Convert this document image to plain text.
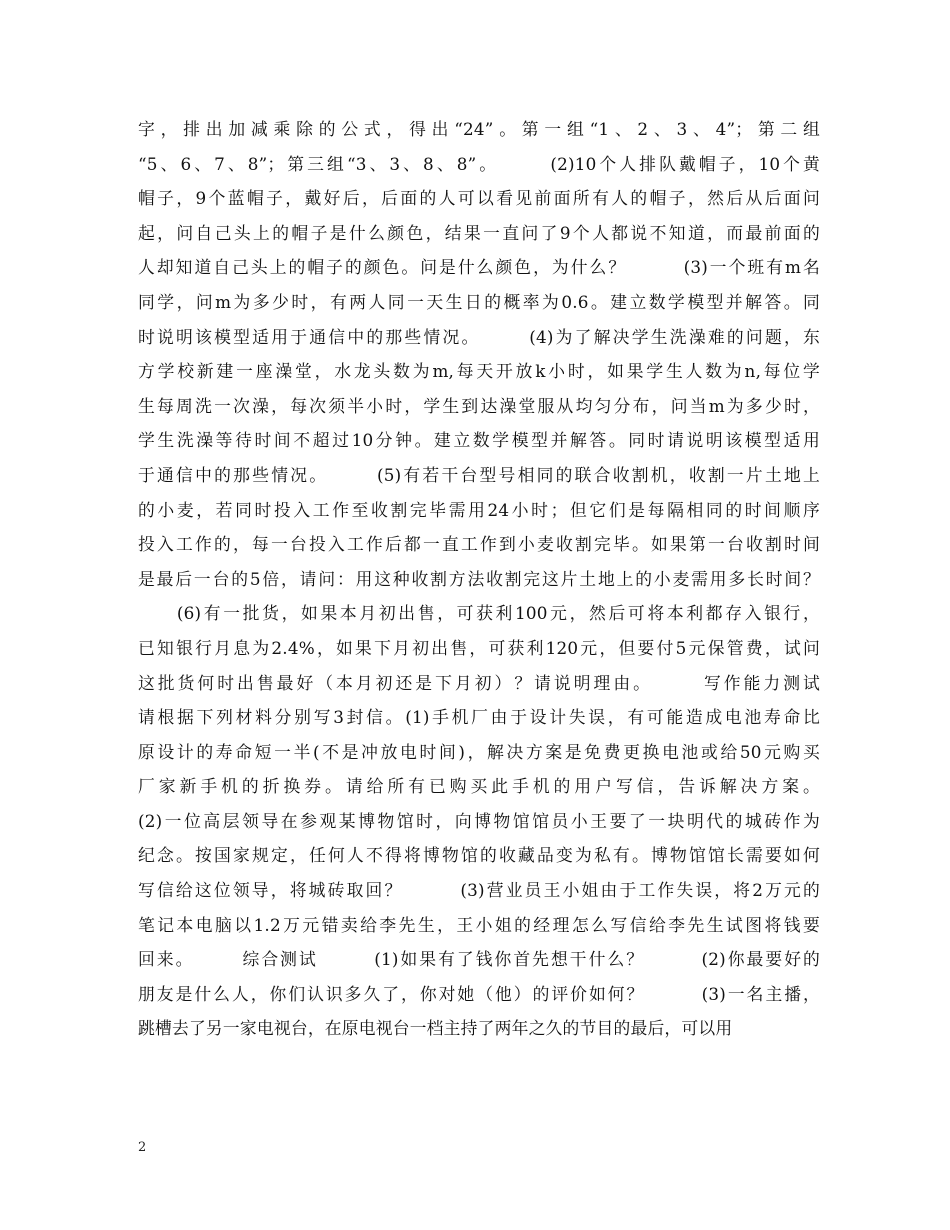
字，排出加减乘除的公式，得出“24”。第一组“1、2、3、4”；第二组
“5、6、7、8”；第三组“3、3、8、8”。　　　(2)10个人排队戴帽子，10个黄
帽子，9个蓝帽子，戴好后，后面的人可以看见前面所有人的帽子，然后从后面问
起，问自己头上的帽子是什么颜色，结果一直问了9个人都说不知道，而最前面的
人却知道自己头上的帽子的颜色。问是什么颜色，为什么？　　　(3)一个班有m名
同学，问m为多少时，有两人同一天生日的概率为0.6。建立数学模型并解答。同
时说明该模型适用于通信中的那些情况。　　　(4)为了解决学生洗澡难的问题，东
方学校新建一座澡堂，水龙头数为m,每天开放k小时，如果学生人数为n,每位学
生每周洗一次澡，每次须半小时，学生到达澡堂服从均匀分布，问当m为多少时，
学生洗澡等待时间不超过10分钟。建立数学模型并解答。同时请说明该模型适用
于通信中的那些情况。　　　(5)有若干台型号相同的联合收割机，收割一片土地上
的小麦，若同时投入工作至收割完毕需用24小时；但它们是每隔相同的时间顺序
投入工作的，每一台投入工作后都一直工作到小麦收割完毕。如果第一台收割时间
是最后一台的5倍，请问：用这种收割方法收割完这片土地上的小麦需用多长时间？
　　(6)有一批货，如果本月初出售，可获利100元，然后可将本利都存入银行，
已知银行月息为2.4%，如果下月初出售，可获利120元，但要付5元保管费，试问
这批货何时出售最好（本月初还是下月初）？请说明理由。　　　写作能力测试
请根据下列材料分别写3封信。(1)手机厂由于设计失误，有可能造成电池寿命比
原设计的寿命短一半(不是冲放电时间)，解决方案是免费更换电池或给50元购买
厂家新手机的折换券。请给所有已购买此手机的用户写信，告诉解决方案。
(2)一位高层领导在参观某博物馆时，向博物馆馆员小王要了一块明代的城砖作为
纪念。按国家规定，任何人不得将博物馆的收藏品变为私有。博物馆馆长需要如何
写信给这位领导，将城砖取回？　　　(3)营业员王小姐由于工作失误，将2万元的
笔记本电脑以1.2万元错卖给李先生，王小姐的经理怎么写信给李先生试图将钱要
回来。　　　综合测试　　　(1)如果有了钱你首先想干什么？　　　(2)你最要好的
朋友是什么人，你们认识多久了，你对她（他）的评价如何？　　　(3)一名主播，
跳槽去了另一家电视台，在原电视台一档主持了两年之久的节目的最后，可以用
2
